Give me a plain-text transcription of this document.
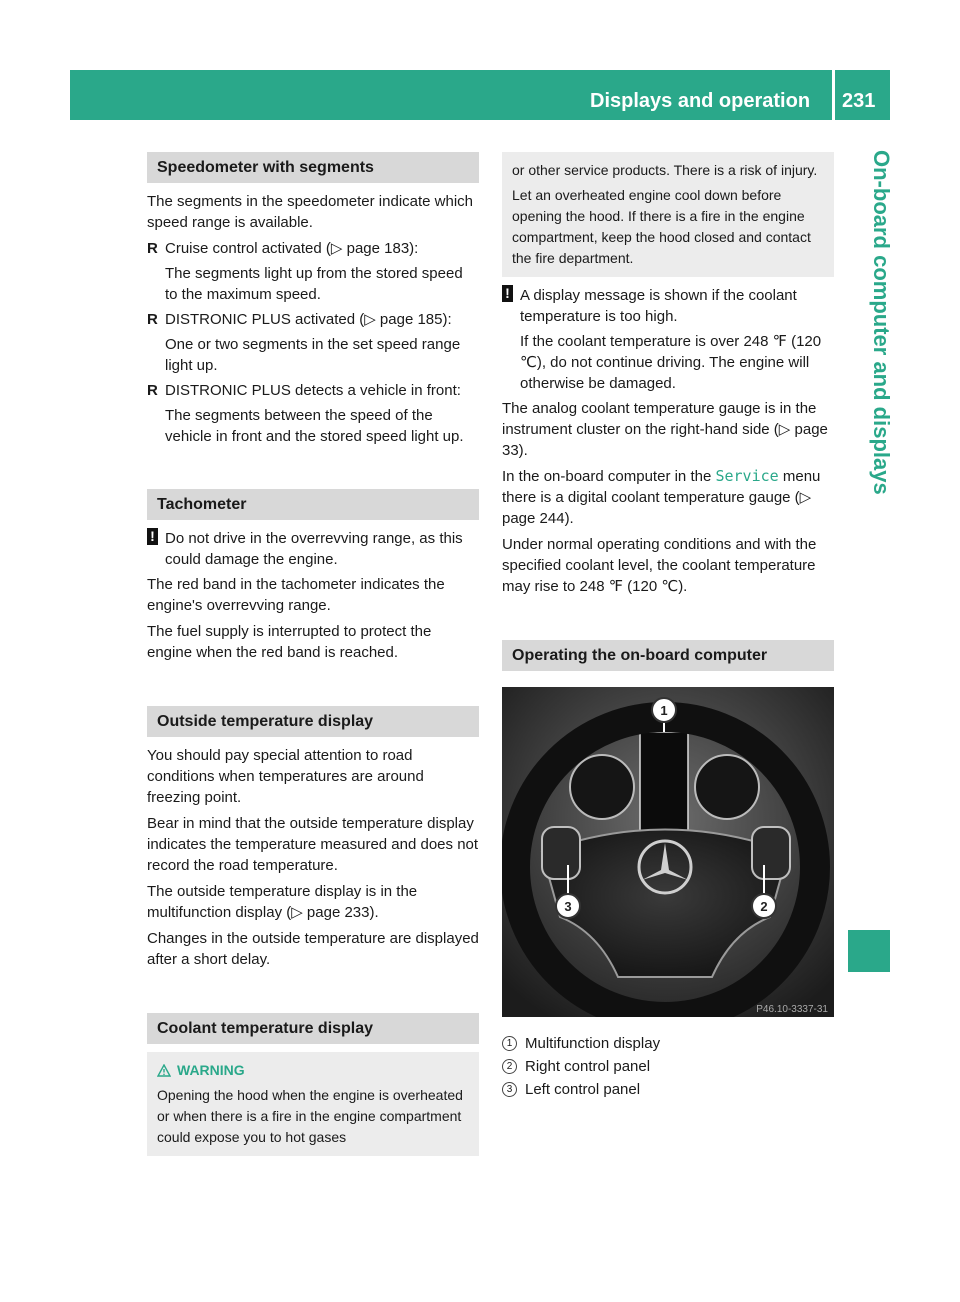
Displays and operation 231
On-board computer and displays
Speedometer with segments

The segments in the speedometer indicate which speed range is available.

R Cruise control activated (▷ page 183):
The segments light up from the stored speed to the maximum speed.
R DISTRONIC PLUS activated (▷ page 185):
One or two segments in the set speed range light up.
R DISTRONIC PLUS detects a vehicle in front:
The segments between the speed of the vehicle in front and the stored speed light up.
Tachometer
! Do not drive in the overrevving range, as this could damage the engine.

The red band in the tachometer indicates the engine's overrevving range.

The fuel supply is interrupted to protect the engine when the red band is reached.

Outside temperature display

You should pay special attention to road conditions when temperatures are around freezing point.

Bear in mind that the outside temperature display indicates the temperature measured and does not record the road temperature.

The outside temperature display is in the multifunction display (▷ page 233).

Changes in the outside temperature are displayed after a short delay.

Coolant temperature display
WARNING
Opening the hood when the engine is overheated or when there is a fire in the engine compartment could expose you to hot gases
or other service products. There is a risk of injury.
Let an overheated engine cool down before opening the hood. If there is a fire in the engine compartment, keep the hood closed and contact the fire department.
! A display message is shown if the coolant temperature is too high.
If the coolant temperature is over 248 ℉ (120 ℃), do not continue driving. The engine will otherwise be damaged.

The analog coolant temperature gauge is in the instrument cluster on the right-hand side (▷ page 33).

In the on-board computer in the Service menu there is a digital coolant temperature gauge (▷ page 244).

Under normal operating conditions and with the specified coolant level, the coolant temperature may rise to 248 ℉ (120 ℃).

Operating the on-board computer
1
2
3
P46.10-3337-31
1 Multifunction display
2 Right control panel
3 Left control panel
